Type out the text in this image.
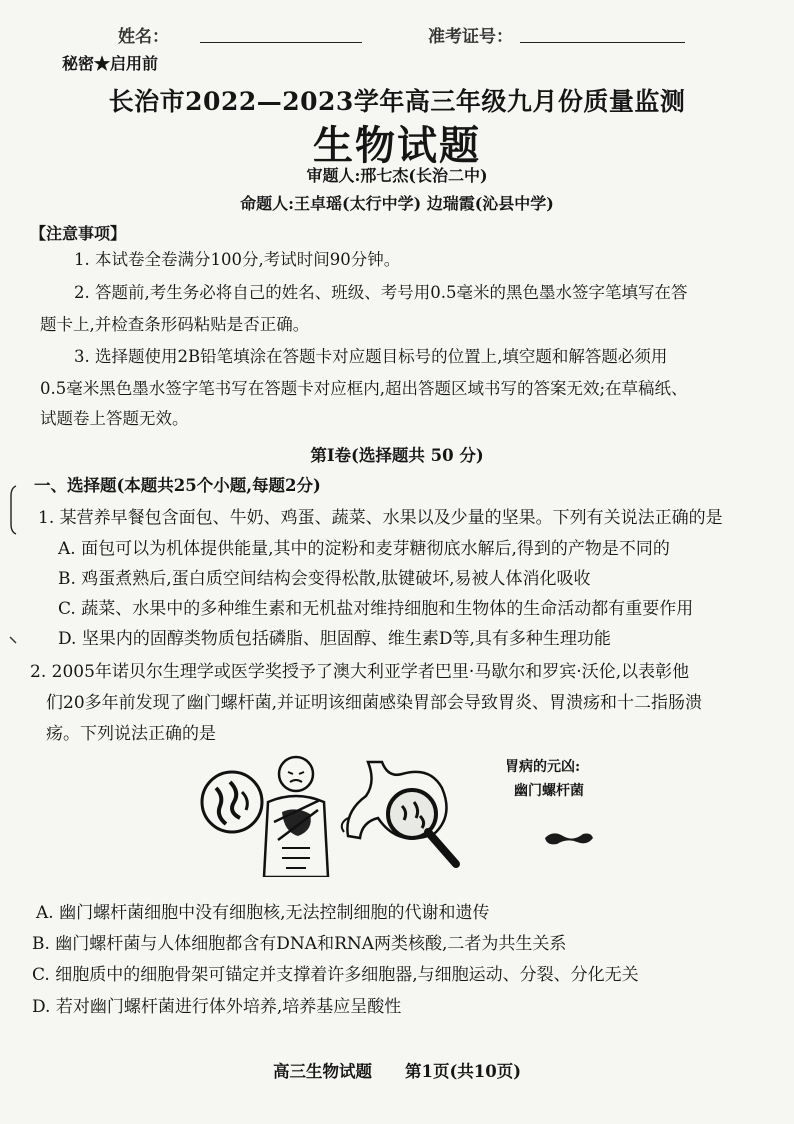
姓名：	准考证号：
秘密★启用前
长治市2022—2023学年高三年级九月份质量监测
生物试题
审题人:邢七杰(长治二中)
命题人:王卓瑶(太行中学) 边瑞霞(沁县中学)
【注意事项】
1. 本试卷全卷满分100分,考试时间90分钟。
2. 答题前,考生务必将自己的姓名、班级、考号用0.5毫米的黑色墨水签字笔填写在答
题卡上,并检查条形码粘贴是否正确。
3. 选择题使用2B铅笔填涂在答题卡对应题目标号的位置上,填空题和解答题必须用
0.5毫米黑色墨水签字笔书写在答题卡对应框内,超出答题区域书写的答案无效;在草稿纸、
试题卷上答题无效。
第Ⅰ卷(选择题共 50 分)
一、选择题(本题共25个小题,每题2分)
1. 某营养早餐包含面包、牛奶、鸡蛋、蔬菜、水果以及少量的坚果。下列有关说法正确的是
A. 面包可以为机体提供能量,其中的淀粉和麦芽糖彻底水解后,得到的产物是不同的
B. 鸡蛋煮熟后,蛋白质空间结构会变得松散,肽键破坏,易被人体消化吸收
C. 蔬菜、水果中的多种维生素和无机盐对维持细胞和生物体的生命活动都有重要作用
D. 坚果内的固醇类物质包括磷脂、胆固醇、维生素D等,具有多种生理功能
2. 2005年诺贝尔生理学或医学奖授予了澳大利亚学者巴里·马歇尔和罗宾·沃伦,以表彰他
们20多年前发现了幽门螺杆菌,并证明该细菌感染胃部会导致胃炎、胃溃疡和十二指肠溃
疡。下列说法正确的是
胃病的元凶:
幽门螺杆菌
A. 幽门螺杆菌细胞中没有细胞核,无法控制细胞的代谢和遗传
B. 幽门螺杆菌与人体细胞都含有DNA和RNA两类核酸,二者为共生关系
C. 细胞质中的细胞骨架可锚定并支撑着许多细胞器,与细胞运动、分裂、分化无关
D. 若对幽门螺杆菌进行体外培养,培养基应呈酸性
高三生物试题　　第1页(共10页)
